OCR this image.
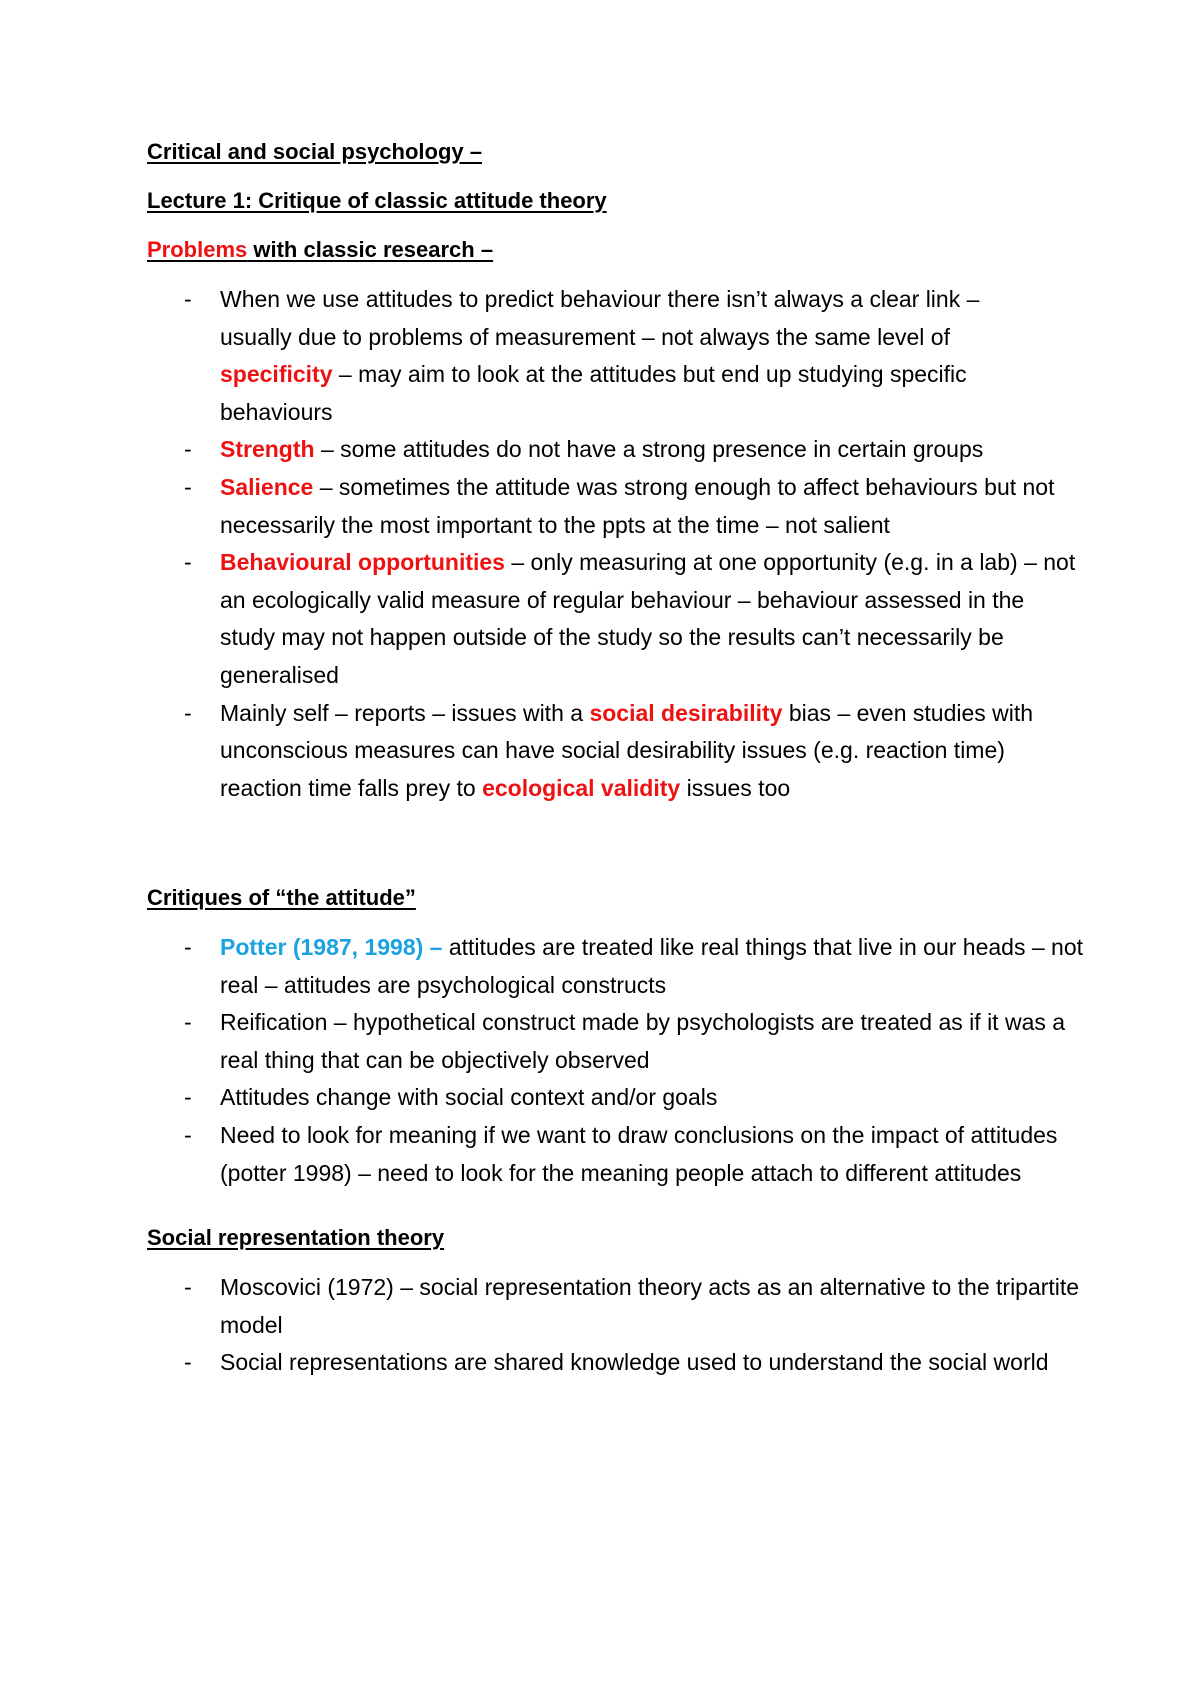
Critical and social psychology –
Lecture 1: Critique of classic attitude theory
Problems with classic research –
- When we use attitudes to predict behaviour there isn’t always a clear link – usually due to problems of measurement – not always the same level of specificity – may aim to look at the attitudes but end up studying specific behaviours
- Strength – some attitudes do not have a strong presence in certain groups
- Salience – sometimes the attitude was strong enough to affect behaviours but not necessarily the most important to the ppts at the time – not salient
- Behavioural opportunities – only measuring at one opportunity (e.g. in a lab) – not an ecologically valid measure of regular behaviour – behaviour assessed in the study may not happen outside of the study so the results can’t necessarily be generalised
- Mainly self – reports – issues with a social desirability bias – even studies with unconscious measures can have social desirability issues (e.g. reaction time) reaction time falls prey to ecological validity issues too
Critiques of “the attitude”
- Potter (1987, 1998) – attitudes are treated like real things that live in our heads – not real – attitudes are psychological constructs
- Reification – hypothetical construct made by psychologists are treated as if it was a real thing that can be objectively observed
- Attitudes change with social context and/or goals
- Need to look for meaning if we want to draw conclusions on the impact of attitudes (potter 1998) – need to look for the meaning people attach to different attitudes
Social representation theory
- Moscovici (1972) – social representation theory acts as an alternative to the tripartite model
- Social representations are shared knowledge used to understand the social world
